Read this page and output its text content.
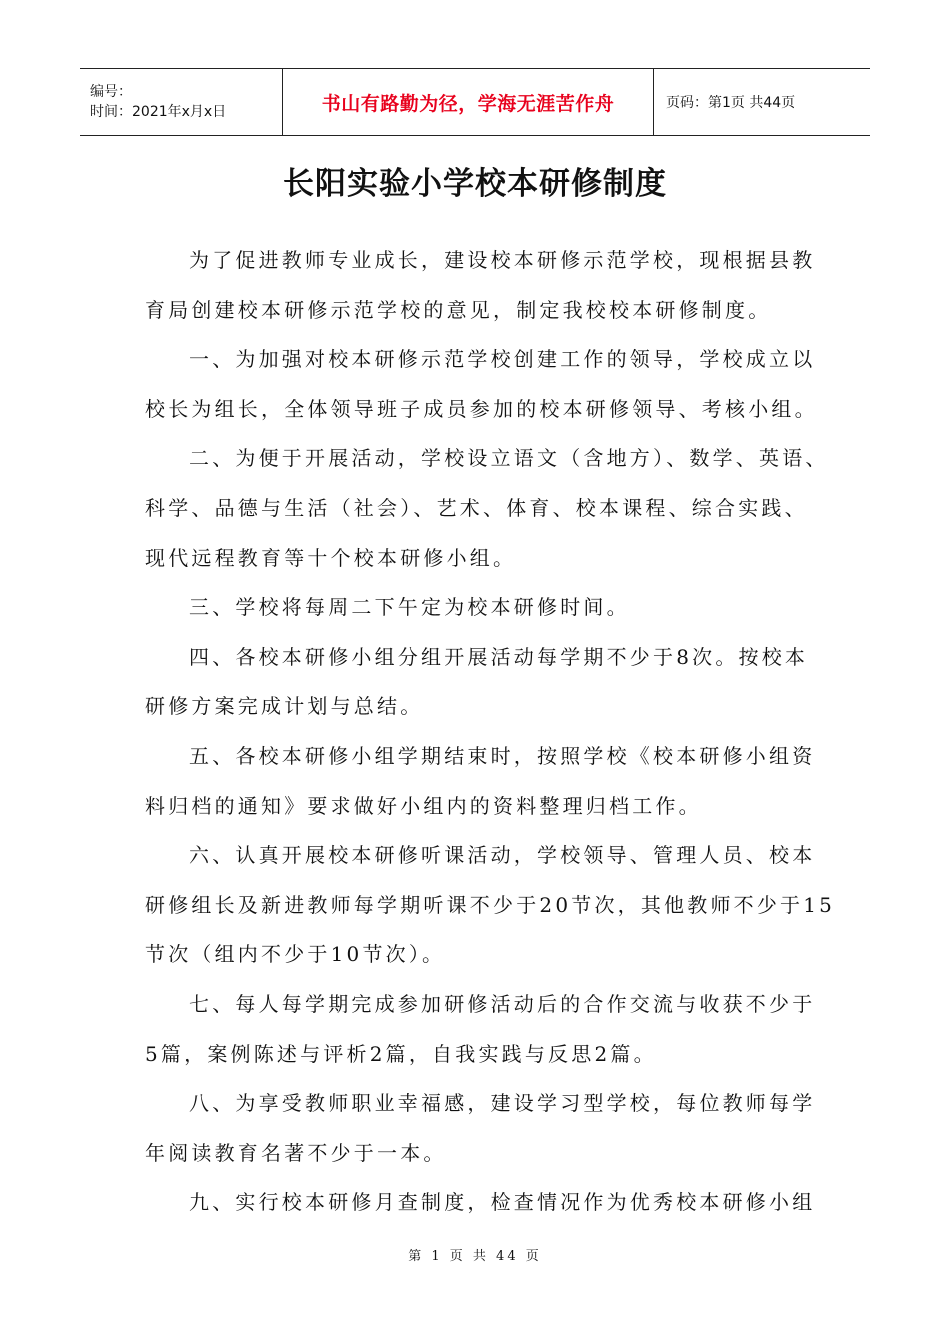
编号：
时间：2021年x月x日	书山有路勤为径，学海无涯苦作舟	页码：第1页 共44页
长阳实验小学校本研修制度
为了促进教师专业成长，建设校本研修示范学校，现根据县教
育局创建校本研修示范学校的意见，制定我校校本研修制度。
一、为加强对校本研修示范学校创建工作的领导，学校成立以
校长为组长，全体领导班子成员参加的校本研修领导、考核小组。
二、为便于开展活动，学校设立语文（含地方）、数学、英语、
科学、品德与生活（社会）、艺术、体育、校本课程、综合实践、
现代远程教育等十个校本研修小组。
三、学校将每周二下午定为校本研修时间。
四、各校本研修小组分组开展活动每学期不少于8次。按校本
研修方案完成计划与总结。
五、各校本研修小组学期结束时，按照学校《校本研修小组资
料归档的通知》要求做好小组内的资料整理归档工作。
六、认真开展校本研修听课活动，学校领导、管理人员、校本
研修组长及新进教师每学期听课不少于20节次，其他教师不少于15
节次（组内不少于10节次）。
七、每人每学期完成参加研修活动后的合作交流与收获不少于
5篇，案例陈述与评析2篇，自我实践与反思2篇。
八、为享受教师职业幸福感，建设学习型学校，每位教师每学
年阅读教育名著不少于一本。
九、实行校本研修月查制度，检查情况作为优秀校本研修小组
第 1 页 共 44 页
